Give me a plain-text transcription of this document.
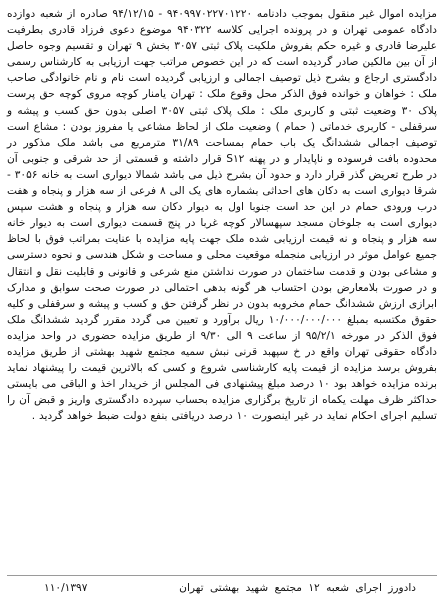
مزایده اموال غیر منقول بموجب دادنامه ۹۴۰۹۹۷۰۲۲۷۰۱۲۲۰ - ۹۴/۱۲/۱۵ صادره از شعبه دوازده دادگاه عمومی تهران و در پرونده اجرایی کلاسه ۹۴۰۳۲۲ موضوع دعوی فرزاد قادری بطرفیت علیرضا قادری و غیره حکم بفروش ملکیت پلاک ثبتی ۳۰۵۷ بخش ۹ تهران و تقسیم وجوه حاصل از آن بین مالکین صادر گردیده است که در این خصوص مراتب جهت ارزیابی به کارشناس رسمی دادگستری ارجاع و بشرح ذیل توصیف اجمالی و ارزیابی گردیده است نام و نام خانوادگی صاحب ملک : خواهان و خوانده فوق الذکر محل وقوع ملک : تهران یامنار کوچه مروی کوچه حق پرست پلاک ۳۰ وضعیت ثبتی و کاربری ملک : ملک پلاک ثبتی ۳۰۵۷ اصلی بدون حق کسب و پیشه و سرقفلی - کاربری خدماتی ( حمام ) وضعیت ملک از لحاظ مشاعی یا مفروز بودن : مشاع است توصیف اجمالی ششدانگ یک باب حمام بمساحت ۳۱/۸۹ مترمربع می باشد ملک مذکور در محدوده بافت فرسوده و ناپایدار و در پهنه S۱۲ قرار داشته و قسمتی از حد شرقی و جنوبی آن در طرح تعریض گذر قرار دارد و حدود آن بشرح ذیل می باشد شمالا دیواری است به خانه ۳۰۵۶ - شرقا دیواری است به دکان های احداثی بشماره های یک الی ۸ فرعی از سه هزار و پنجاه و هفت درب ورودی حمام در این حد است جنوبا اول به دیوار دکان سه هزار و پنجاه و هشت سپس دیواری است به جلوخان مسجد سپهسالار کوچه غربا در پنج قسمت دیواری است به دیوار خانه سه هزار و پنجاه و نه قیمت ارزیابی شده ملک جهت پایه مزایده با عنایت بمراتب فوق با لحاظ جمیع عوامل موثر در ارزیابی منجمله موقعیت محلی و مساحت و شکل هندسی و نحوه دسترسی و مشاعی بودن و قدمت ساختمان در صورت نداشتن منع شرعی و قانونی و قابلیت نقل و انتقال و در صورت بلامعارض بودن احتساب هر گونه بدهی احتمالی در صورت صحت سوابق و مدارک ابرازی ارزش ششدانگ حمام مخروبه بدون در نظر گرفتن حق و کسب و پیشه و سرقفلی و کلیه حقوق مکتسبه بمبلغ ۱۰/۰۰۰/۰۰۰/۰۰۰ ریال برآورد و تعیین می گردد مقرر گردید ششدانگ ملک فوق الذکر در مورخه ۹۵/۲/۱ از ساعت ۹ الی ۹/۳۰ از طریق مزایده حضوری در واحد مزایده دادگاه حقوقی تهران واقع در خ سپهبد قرنی نبش سمیه مجتمع شهید بهشتی از طریق مزایده بفروش برسد مزایده از قیمت پایه کارشناسی شروع و کسی که بالاترین قیمت را پیشنهاد نماید برنده مزایده خواهد بود ۱۰ درصد مبلغ پیشنهادی فی المجلس از خریدار اخذ و الباقی می بایستی حداکثر ظرف مهلت یکماه از تاریخ برگزاری مزایده بحساب سپرده دادگستری واریز و قبض آن را تسلیم اجرای احکام نماید در غیر اینصورت ۱۰ درصد دریافتی بنفع دولت ضبط خواهد گردید .

دادورز اجرای شعبه ۱۲ مجتمع شهید بهشتی تهران
۱۱۰/۱۳۹۷
